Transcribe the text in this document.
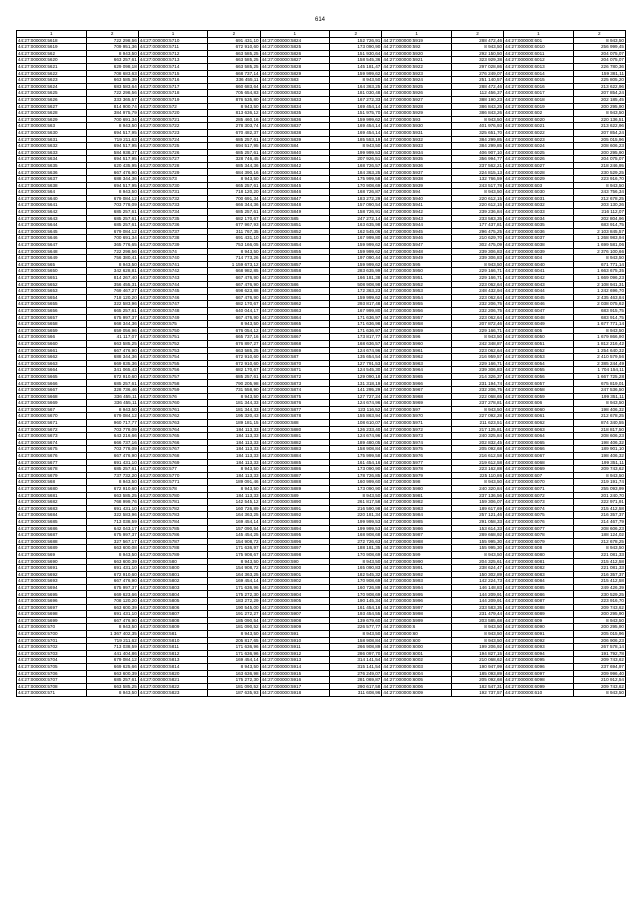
614
1	2	1	2	1	2	1	2	1	2
44:27:000000:5618	722 298,56	44:27:000000:5710	691 431,10	44:27:000000:5824	152 726,91	44:27:000000:5919	288 472,46	44:27:000000:601	8 943,50
44:27:000000:5619	709 951,36	44:27:000000:5711	672 910,60	44:27:000000:5825	173 090,90	44:27:000000:592	8 943,50	44:27:000000:6010	256 999,45
44:27:000000:562	8 943,50	44:27:000000:5712	663 585,25	44:27:000000:5826	151 930,64	44:27:000000:5920	292 150,50	44:27:000000:6011	204 075,07
44:27:000000:5620	663 257,61	44:27:000000:5713	663 585,25	44:27:000000:5827	158 545,36	44:27:000000:5921	323 929,38	44:27:000000:6012	204 075,07
44:27:000000:5621	629 098,18	44:27:000000:5714	663 585,25	44:27:000000:5828	145 181,47	44:27:000000:5922	297 028,86	44:27:000000:6013	226 780,36
44:27:000000:5622	708 683,63	44:27:000000:5715	668 737,14	44:27:000000:5829	159 999,62	44:27:000000:5923	276 249,07	44:27:000000:6014	159 381,11
44:27:000000:5623	663 585,39	44:27:000000:5716	336 455,11	44:27:000000:583	8 943,50	44:27:000000:5924	251 140,57	44:27:000000:6015	225 805,20
44:27:000000:5624	683 583,64	44:27:000000:5717	660 683,64	44:27:000000:5831	164 363,25	44:27:000000:5925	288 472,46	44:27:000000:6016	213 622,96
44:27:000000:5625	722 298,56	44:27:000000:5718	705 654,83	44:27:000000:5832	181 030,48	44:27:000000:5926	112 456,37	44:27:000000:6017	207 854,24
44:27:000000:5626	333 365,57	44:27:000000:5719	876 535,80	44:27:000000:5833	167 272,33	44:27:000000:5927	388 190,23	44:27:000000:6018	202 185,45
44:27:000000:5627	814 900,74	44:27:000000:572	8 943,50	44:27:000000:5834	169 454,14	44:27:000000:5928	386 843,25	44:27:000000:6019	200 295,90
44:27:000000:5628	384 975,79	44:27:000000:5720	813 636,12	44:27:000000:5835	151 975,70	44:27:000000:5929	386 843,26	44:27:000000:602	8 943,50
44:27:000000:5629	700 691,34	44:27:000000:5721	285 460,16	44:27:000000:5836	159 999,62	44:27:000000:593	8 943,50	44:27:000000:6020	220 136,51
44:27:000000:563	8 943,50	44:27:000000:5722	278 303,74	44:27:000000:5837	169 454,14	44:27:000000:5930	401 976,93	44:27:000000:6021	213 622,96
44:27:000000:5630	694 517,95	44:27:000000:5723	670 482,37	44:27:000000:5838	169 454,14	44:27:000000:5931	325 651,70	44:27:000000:6022	207 854,24
44:27:000000:5631	719 211,63	44:27:000000:5724	685 257,61	44:27:000000:5839	185 553,19	44:27:000000:5932	384 299,85	44:27:000000:6023	205 015,96
44:27:000000:5632	694 517,95	44:27:000000:5725	694 517,95	44:27:000000:584	8 943,50	44:27:000000:5933	384 299,85	44:27:000000:6024	208 606,23
44:27:000000:5633	584 938,37	44:27:000000:5726	685 257,61	44:27:000000:5840	199 999,53	44:27:000000:5934	406 907,10	44:27:000000:6025	200 295,90
44:27:000000:5634	694 517,95	44:27:000000:5727	328 746,45	44:27:000000:5841	207 926,51	44:27:000000:5935	356 994,77	44:27:000000:6026	204 075,07
44:27:000000:5635	620 435,95	44:27:000000:5728	685 344,36	44:27:000000:5842	168 726,57	44:27:000000:5936	237 562,21	44:27:000000:6027	218 246,95
44:27:000000:5636	667 476,90	44:27:000000:5729	684 390,16	44:27:000000:5843	184 363,25	44:27:000000:5937	224 815,13	44:27:000000:6028	230 529,25
44:27:000000:5637	688 344,36	44:27:000000:573	8 943,50	44:27:000000:5844	175 999,58	44:27:000000:5938	132 766,59	44:27:000000:6029	223 916,70
44:27:000000:5638	694 517,95	44:27:000000:5730	665 257,61	44:27:000000:5845	170 908,69	44:27:000000:5939	243 517,78	44:27:000000:603	8 943,50
44:27:000000:564	8 943,50	44:27:000000:5731	718 120,20	44:27:000000:5846	168 726,87	44:27:000000:594	8 943,50	44:27:000000:6030	243 756,34
44:27:000000:5640	679 084,12	44:27:000000:5732	700 691,34	44:27:000000:5847	183 272,29	44:27:000000:5940	220 612,15	44:27:000000:6031	212 678,25
44:27:000000:5641	703 778,09	44:27:000000:5733	666 344,36	44:27:000000:5848	157 090,54	44:27:000000:5941	220 612,15	44:27:000000:6032	203 130,26
44:27:000000:5642	685 257,61	44:27:000000:5734	685 257,61	44:27:000000:5849	158 726,91	44:27:000000:5942	239 236,84	44:27:000000:6033	216 112,07
44:27:000000:5643	685 257,61	44:27:000000:5735	682 170,67	44:27:000000:585	247 272,14	44:27:000000:5943	233 583,35	44:27:000000:6034	202 804,96
44:27:000000:5644	685 257,61	44:27:000000:5736	677 967,93	44:27:000000:5851	163 635,98	44:27:000000:5944	177 437,81	44:27:000000:6035	683 914,75
44:27:000000:5645	679 084,12	44:27:000000:5737	311 767,35	44:27:000000:5852	162 545,06	44:27:000000:5945	296 475,25	44:27:000000:6036	2 103 845,57
44:27:000000:5646	700 691,34	44:27:000000:5738	691 431,10	44:27:000000:5853	167 999,80	44:27:000000:5946	210 629,70	44:27:000000:6037	1 268 983,94
44:27:000000:5647	365 776,65	44:27:000000:5739	753 166,05	44:27:000000:5854	159 999,62	44:27:000000:5947	302 475,09	44:27:000000:6038	1 699 581,06
44:27:000000:5648	722 298,56	44:27:000000:574	8 943,50	44:27:000000:5855	159 999,62	44:27:000000:5948	239 306,83	44:27:000000:6039	2 376 100,66
44:27:000000:5649	756 380,41	44:27:000000:5740	714 773,26	44:27:000000:5856	197 090,44	44:27:000000:5949	239 306,83	44:27:000000:604	8 943,50
44:27:000000:565	8 943,50	44:27:000000:5741	1 159 673,12	44:27:000000:5857	159 999,62	44:27:000000:595	8 943,50	44:27:000000:6040	671 771,14
44:27:000000:5650	342 628,81	44:27:000000:5742	668 982,85	44:27:000000:5858	283 635,99	44:27:000000:5950	229 166,71	44:27:000000:6041	1 663 675,35
44:27:000000:5651	814 267,40	44:27:000000:5743	667 476,90	44:27:000000:5859	166 181,38	44:27:000000:5951	229 166,71	44:27:000000:6042	1 669 096,23
44:27:000000:5652	356 455,31	44:27:000000:5744	667 476,90	44:27:000000:586	508 908,98	44:27:000000:5952	223 062,64	44:27:000000:6043	2 108 941,31
44:27:000000:5653	769 467,27	44:27:000000:5745	698 623,88	44:27:000000:5860	172 363,23	44:27:000000:5953	248 432,94	44:27:000000:6044	1 242 696,70
44:27:000000:5654	718 120,20	44:27:000000:5746	667 476,90	44:27:000000:5861	159 999,62	44:27:000000:5954	223 062,64	44:27:000000:6045	2 435 463,84
44:27:000000:5655	322 583,96	44:27:000000:5747	682 170,67	44:27:000000:5862	293 817,48	44:27:000000:5955	232 206,75	44:27:000000:6046	2 038 075,62
44:27:000000:5656	665 257,61	44:27:000000:5748	640 044,17	44:27:000000:5863	167 999,80	44:27:000000:5956	232 206,75	44:27:000000:6047	683 915,75
44:27:000000:5657	675 997,37	44:27:000000:5749	667 476,90	44:27:000000:5864	171 636,97	44:27:000000:5957	223 062,64	44:27:000000:6048	683 914,75
44:27:000000:5658	668 344,36	44:27:000000:575	8 943,50	44:27:000000:5865	171 636,98	44:27:000000:5958	207 872,46	44:27:000000:6049	1 677 771,14
44:27:000000:5659	659 056,96	44:27:000000:5750	676 054,12	44:27:000000:5866	171 636,97	44:27:000000:5959	229 166,71	44:27:000000:605	8 943,50
44:27:000000:566	41 117,07	44:27:000000:5751	665 737,16	44:27:000000:5867	173 817,77	44:27:000000:596	8 943,50	44:27:000000:6050	1 679 866,90
44:27:000000:5660	663 585,25	44:27:000000:5752	676 897,27	44:27:000000:5868	168 636,57	44:27:000000:5960	242 348,87	44:27:000000:6051	1 812 216,42
44:27:000000:5661	667 476,90	44:27:000000:5753	663 585,25	44:27:000000:5869	124 674,96	44:27:000000:5961	223 062,64	44:27:000000:6052	1 254 640,32
44:27:000000:5662	688 344,36	44:27:000000:5754	672 910,60	44:27:000000:587	135 654,54	44:27:000000:5962	216 959,57	44:27:000000:6053	2 410 579,56
44:27:000000:5663	669 835,36	44:27:000000:5755	672 910,60	44:27:000000:5870	127 791,53	44:27:000000:5963	229 166,71	44:27:000000:6054	2 385 244,49
44:27:000000:5664	341 065,43	44:27:000000:5756	682 170,67	44:27:000000:5871	124 545,30	44:27:000000:5964	239 306,83	44:27:000000:6055	1 704 154,11
44:27:000000:5665	672 910,60	44:27:000000:5757	685 257,61	44:27:000000:5872	129 090,18	44:27:000000:5965	214 326,37	44:27:000000:6056	1 667 725,28
44:27:000000:5666	685 257,61	44:27:000000:5758	790 205,98	44:27:000000:5873	131 318,19	44:27:000000:5966	231 194,74	44:27:000000:6057	675 819,01
44:27:000000:5667	328 736,46	44:27:000000:5759	731 558,90	44:27:000000:5874	141 295,29	44:27:000000:5967	232 206,75	44:27:000000:6058	247 536,50
44:27:000000:5668	336 455,11	44:27:000000:576	8 943,50	44:27:000000:5875	127 727,24	44:27:000000:5968	222 068,65	44:27:000000:6059	199 351,11
44:27:000000:5669	336 455,11	44:27:000000:5760	181 344,33	44:27:000000:5876	124 674,96	44:27:000000:5969	237 278,81	44:27:000000:606	8 943,50
44:27:000000:567	8 943,50	44:27:000000:5761	181 344,33	44:27:000000:5877	123 116,52	44:27:000000:597	8 943,50	44:27:000000:6060	198 406,32
44:27:000000:5670	679 084,12	44:27:000000:5762	195 320,43	44:27:000000:5878	155 863,94	44:27:000000:5970	227 092,28	44:27:000000:6061	212 678,25
44:27:000000:5671	960 717,77	44:27:000000:5763	189 181,15	44:27:000000:588	108 610,07	44:27:000000:5971	211 623,51	44:27:000000:6062	874 340,55
44:27:000000:5672	703 778,09	44:27:000000:5764	184 113,33	44:27:000000:5880	126 233,40	44:27:000000:5972	217 125,81	44:27:000000:6063	218 817,50
44:27:000000:5673	643 216,66	44:27:000000:5765	184 113,33	44:27:000000:5881	124 674,96	44:27:000000:5973	240 325,84	44:27:000000:6064	208 606,23
44:27:000000:5674	666 737,16	44:27:000000:5766	184 113,33	44:27:000000:5882	189 480,05	44:27:000000:5974	202 832,45	44:27:000000:6065	198 406,32
44:27:000000:5675	703 778,09	44:27:000000:5767	184 113,33	44:27:000000:5883	158 908,84	44:27:000000:5975	205 092,68	44:27:000000:6066	189 901,10
44:27:000000:5676	667 476,90	44:27:000000:5768	184 113,33	44:27:000000:5884	175 999,58	44:27:000000:5976	216 612,58	44:27:000000:6067	198 406,32
44:27:000000:5677	691 431,10	44:27:000000:5769	184 113,33	44:27:000000:5885	161 454,16	44:27:000000:5977	219 612,58	44:27:000000:6068	199 351,11
44:27:000000:5678	685 257,61	44:27:000000:577	8 943,50	44:27:000000:5886	173 090,90	44:27:000000:5978	223 162,88	44:27:000000:6069	209 743,62
44:27:000000:5679	737 732,20	44:27:000000:5770	184 113,33	44:27:000000:5887	178 726,85	44:27:000000:5979	225 110,86	44:27:000000:607	8 943,50
44:27:000000:568	8 943,50	44:27:000000:5771	189 091,46	44:27:000000:5888	160 999,60	44:27:000000:598	8 943,50	44:27:000000:6070	219 191,74
44:27:000000:5680	672 910,60	44:27:000000:578	8 943,50	44:27:000000:5889	173 090,90	44:27:000000:5980	240 320,84	44:27:000000:6071	255 093,99
44:27:000000:5681	663 585,25	44:27:000000:5780	184 113,33	44:27:000000:589	8 943,50	44:27:000000:5981	237 136,56	44:27:000000:6072	201 240,70
44:27:000000:5682	768 999,76	44:27:000000:5781	142 545,12	44:27:000000:5890	261 817,58	44:27:000000:5982	159 306,07	44:27:000000:6073	222 971,91
44:27:000000:5683	691 431,10	44:27:000000:5782	160 726,89	44:27:000000:5891	216 590,98	44:27:000000:5983	189 617,69	44:27:000000:6074	215 412,58
44:27:000000:5684	322 583,96	44:27:000000:5783	164 363,25	44:27:000000:5892	220 181,34	44:27:000000:5984	257 121,46	44:27:000000:6075	216 357,37
44:27:000000:5685	713 038,59	44:27:000000:5784	169 454,14	44:27:000000:5893	199 999,53	44:27:000000:5985	291 058,33	44:27:000000:6076	214 467,79
44:27:000000:5686	642 043,17	44:27:000000:5785	157 090,54	44:27:000000:5894	199 999,53	44:27:000000:5986	153 614,33	44:27:000000:6077	208 606,23
44:27:000000:5687	675 997,37	44:27:000000:5786	145 454,25	44:27:000000:5895	168 908,68	44:27:000000:5987	289 668,92	44:27:000000:6078	188 124,02
44:27:000000:5688	327 567,17	44:27:000000:5787	154 908,72	44:27:000000:5896	272 726,63	44:27:000000:5988	155 995,30	44:27:000000:6079	212 678,25
44:27:000000:5689	663 600,08	44:27:000000:5788	171 636,97	44:27:000000:5897	188 181,35	44:27:000000:5989	155 995,30	44:27:000000:608	8 943,50
44:27:000000:569	8 943,50	44:27:000000:5789	175 908,67	44:27:000000:5898	170 908,69	44:27:000000:599	8 943,50	44:27:000000:6080	221 081,33
44:27:000000:5690	663 600,39	44:27:000000:580	8 943,50	44:27:000000:590	8 943,50	44:27:000000:5990	204 325,61	44:27:000000:6081	215 412,58
44:27:000000:5691	691 431,10	44:27:000000:5800	154 908,72	44:27:000000:5900	165 090,83	44:27:000000:5991	238 624,47	44:27:000000:6082	221 081,33
44:27:000000:5692	672 910,60	44:27:000000:5801	164 363,25	44:27:000000:5901	182 545,32	44:27:000000:5992	150 302,89	44:27:000000:6083	216 357,37
44:27:000000:5693	667 476,90	44:27:000000:5802	169 454,14	44:27:000000:5902	170 908,69	44:27:000000:5993	142 224,73	44:27:000000:6084	215 412,58
44:27:000000:5694	675 997,37	44:27:000000:5803	171 636,96	44:27:000000:5903	160 726,89	44:27:000000:5994	146 148,83	44:27:000000:6085	249 426,39
44:27:000000:5695	669 623,66	44:27:000000:5804	175 272,30	44:27:000000:5904	170 908,69	44:27:000000:5995	144 209,91	44:27:000000:6086	230 529,25
44:27:000000:5696	708 120,20	44:27:000000:5805	183 272,29	44:27:000000:5905	190 145,34	44:27:000000:5996	144 209,91	44:27:000000:6087	223 916,70
44:27:000000:5697	663 600,39	44:27:000000:5806	190 545,00	44:27:000000:5906	161 454,16	44:27:000000:5997	233 583,35	44:27:000000:6088	209 743,62
44:27:000000:5698	691 431,10	44:27:000000:5807	191 272,27	44:27:000000:5907	193 454,55	44:27:000000:5998	231 479,44	44:27:000000:6089	200 295,90
44:27:000000:5699	667 476,90	44:27:000000:5808	185 090,54	44:27:000000:5908	139 679,60	44:27:000000:5999	203 585,68	44:27:000000:609	8 943,50
44:27:000000:570	8 943,50	44:27:000000:5809	181 090,52	44:27:000000:5909	226 577,77	44:27:000000:6	8 943,50	44:27:000000:6090	200 295,90
44:27:000000:5700	1 367 402,35	44:27:000000:581	8 943,50	44:27:000000:591	8 943,50	44:27:000000:60	8 943,50	44:27:000000:6091	205 015,96
44:27:000000:5701	719 211,62	44:27:000000:5810	205 817,65	44:27:000000:5910	158 908,84	44:27:000000:600	8 943,50	44:27:000000:6092	206 906,23
44:27:000000:5702	713 038,59	44:27:000000:5811	171 636,96	44:27:000000:5911	266 908,89	44:27:000000:6000	199 206,92	44:27:000000:6093	267 578,14
44:27:000000:5703	441 404,86	44:27:000000:5812	171 636,96	44:27:000000:5912	286 097,70	44:27:000000:6001	194 827,15	44:27:000000:6094	191 792,78
44:27:000000:5704	679 084,12	44:27:000000:5813	169 454,14	44:27:000000:5913	314 141,54	44:27:000000:6002	210 068,62	44:27:000000:6095	209 743,62
44:27:000000:5705	669 625,66	44:27:000000:5814	8 943,50	44:27:000000:5914	315 141,54	44:27:000000:6003	190 947,99	44:27:000000:6096	237 694,97
44:27:000000:5706	663 600,39	44:27:000000:5820	163 636,98	44:27:000000:5915	276 249,07	44:27:000000:6004	185 093,89	44:27:000000:6097	209 996,40
44:27:000000:5707	685 257,61	44:27:000000:5821	175 272,30	44:27:000000:5916	281 069,87	44:27:000000:6005	205 092,68	44:27:000000:6098	210 912,54
44:27:000000:5708	663 585,25	44:27:000000:5822	181 090,52	44:27:000000:5917	290 617,58	44:27:000000:6006	182 547,31	44:27:000000:6099	209 743,62
44:27:000000:571	8 943,50	44:27:000000:5823	187 635,93	44:27:000000:5918	311 608,96	44:27:000000:6009	192 737,57	44:27:000000:610	8 943,50
